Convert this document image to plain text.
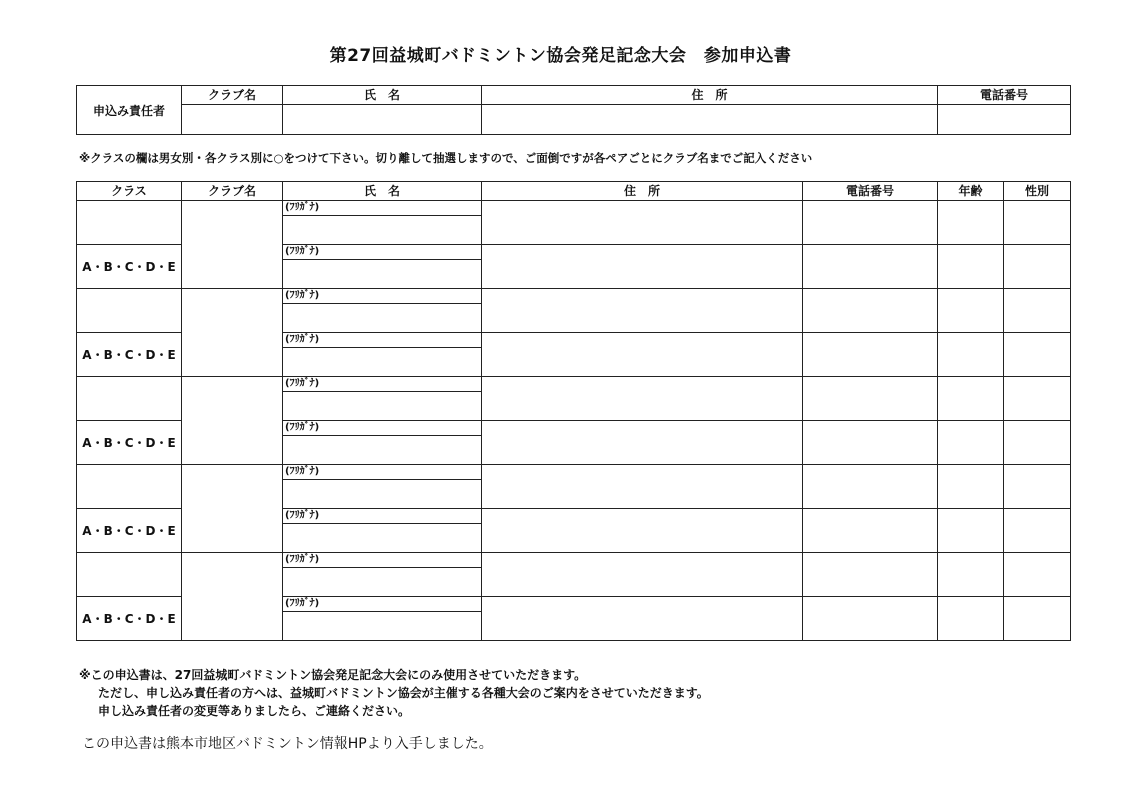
第27回益城町バドミントン協会発足記念大会　参加申込書
申込み責任者	クラブ名	氏　名	住　所	電話番号

※クラスの欄は男女別・各クラス別に○をつけて下さい。切り離して抽選しますので、ご面倒ですが各ペアごとにクラブ名までご記入ください
クラス	クラブ名	氏　名	住　所	電話番号	年齢	性別

		(ﾌﾘｶﾞﾅ)				

A・B・C・D・E		(ﾌﾘｶﾞﾅ)				

		(ﾌﾘｶﾞﾅ)				

A・B・C・D・E		(ﾌﾘｶﾞﾅ)				

		(ﾌﾘｶﾞﾅ)				

A・B・C・D・E		(ﾌﾘｶﾞﾅ)				

		(ﾌﾘｶﾞﾅ)				

A・B・C・D・E		(ﾌﾘｶﾞﾅ)				

		(ﾌﾘｶﾞﾅ)				

A・B・C・D・E		(ﾌﾘｶﾞﾅ)				

※この申込書は、27回益城町バドミントン協会発足記念大会にのみ使用させていただきます。
ただし、申し込み責任者の方へは、益城町バドミントン協会が主催する各種大会のご案内をさせていただきます。
申し込み責任者の変更等ありましたら、ご連絡ください。
この申込書は熊本市地区バドミントン情報HPより入手しました。
